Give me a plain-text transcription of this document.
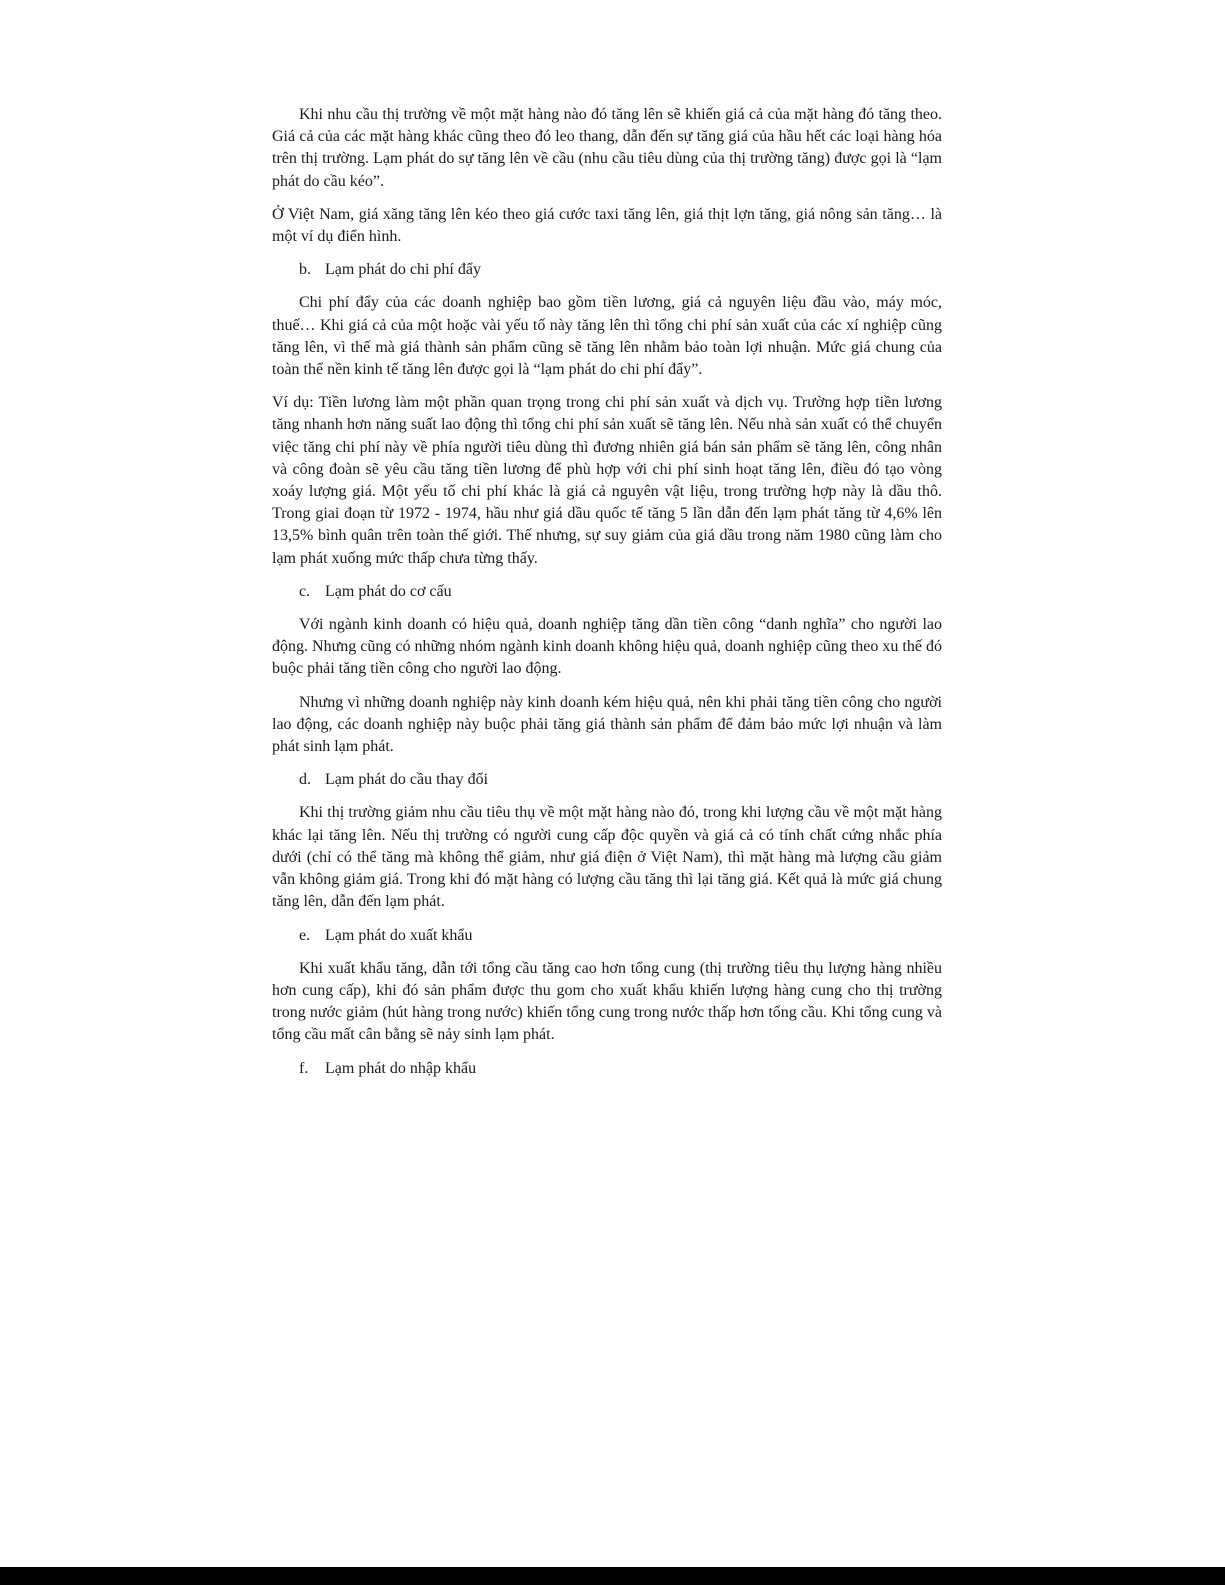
Khi nhu cầu thị trường về một mặt hàng nào đó tăng lên sẽ khiến giá cả của mặt hàng đó tăng theo. Giá cả của các mặt hàng khác cũng theo đó leo thang, dẫn đến sự tăng giá của hầu hết các loại hàng hóa trên thị trường. Lạm phát do sự tăng lên về cầu (nhu cầu tiêu dùng của thị trường tăng) được gọi là “lạm phát do cầu kéo”.

Ở Việt Nam, giá xăng tăng lên kéo theo giá cước taxi tăng lên, giá thịt lợn tăng, giá nông sản tăng… là một ví dụ điển hình.

b. Lạm phát do chi phí đẩy

Chi phí đẩy của các doanh nghiệp bao gồm tiền lương, giá cả nguyên liệu đầu vào, máy móc, thuế… Khi giá cả của một hoặc vài yếu tố này tăng lên thì tổng chi phí sản xuất của các xí nghiệp cũng tăng lên, vì thế mà giá thành sản phẩm cũng sẽ tăng lên nhằm bảo toàn lợi nhuận. Mức giá chung của toàn thể nền kinh tế tăng lên được gọi là “lạm phát do chi phí đẩy”.

Ví dụ: Tiền lương làm một phần quan trọng trong chi phí sản xuất và dịch vụ. Trường hợp tiền lương tăng nhanh hơn năng suất lao động thì tổng chi phí sản xuất sẽ tăng lên. Nếu nhà sản xuất có thể chuyển việc tăng chi phí này về phía người tiêu dùng thì đương nhiên giá bán sản phẩm sẽ tăng lên, công nhân và công đoàn sẽ yêu cầu tăng tiền lương để phù hợp với chi phí sinh hoạt tăng lên, điều đó tạo vòng xoáy lượng giá. Một yếu tố chi phí khác là giá cả nguyên vật liệu, trong trường hợp này là dầu thô. Trong giai đoạn từ 1972 - 1974, hầu như giá dầu quốc tế tăng 5 lần dẫn đến lạm phát tăng từ 4,6% lên 13,5% bình quân trên toàn thế giới. Thế nhưng, sự suy giảm của giá dầu trong năm 1980 cũng làm cho lạm phát xuống mức thấp chưa từng thấy.

c. Lạm phát do cơ cấu

Với ngành kinh doanh có hiệu quả, doanh nghiệp tăng dần tiền công “danh nghĩa” cho người lao động. Nhưng cũng có những nhóm ngành kinh doanh không hiệu quả, doanh nghiệp cũng theo xu thế đó buộc phải tăng tiền công cho người lao động.

Nhưng vì những doanh nghiệp này kinh doanh kém hiệu quả, nên khi phải tăng tiền công cho người lao động, các doanh nghiệp này buộc phải tăng giá thành sản phẩm để đảm bảo mức lợi nhuận và làm phát sinh lạm phát.

d. Lạm phát do cầu thay đổi

Khi thị trường giảm nhu cầu tiêu thụ về một mặt hàng nào đó, trong khi lượng cầu về một mặt hàng khác lại tăng lên. Nếu thị trường có người cung cấp độc quyền và giá cả có tính chất cứng nhắc phía dưới (chỉ có thể tăng mà không thể giảm, như giá điện ở Việt Nam), thì mặt hàng mà lượng cầu giảm vẫn không giảm giá. Trong khi đó mặt hàng có lượng cầu tăng thì lại tăng giá. Kết quả là mức giá chung tăng lên, dẫn đến lạm phát.

e. Lạm phát do xuất khẩu

Khi xuất khẩu tăng, dẫn tới tổng cầu tăng cao hơn tổng cung (thị trường tiêu thụ lượng hàng nhiều hơn cung cấp), khi đó sản phẩm được thu gom cho xuất khẩu khiến lượng hàng cung cho thị trường trong nước giảm (hút hàng trong nước) khiến tổng cung trong nước thấp hơn tổng cầu. Khi tổng cung và tổng cầu mất cân bằng sẽ nảy sinh lạm phát.

f. Lạm phát do nhập khẩu
